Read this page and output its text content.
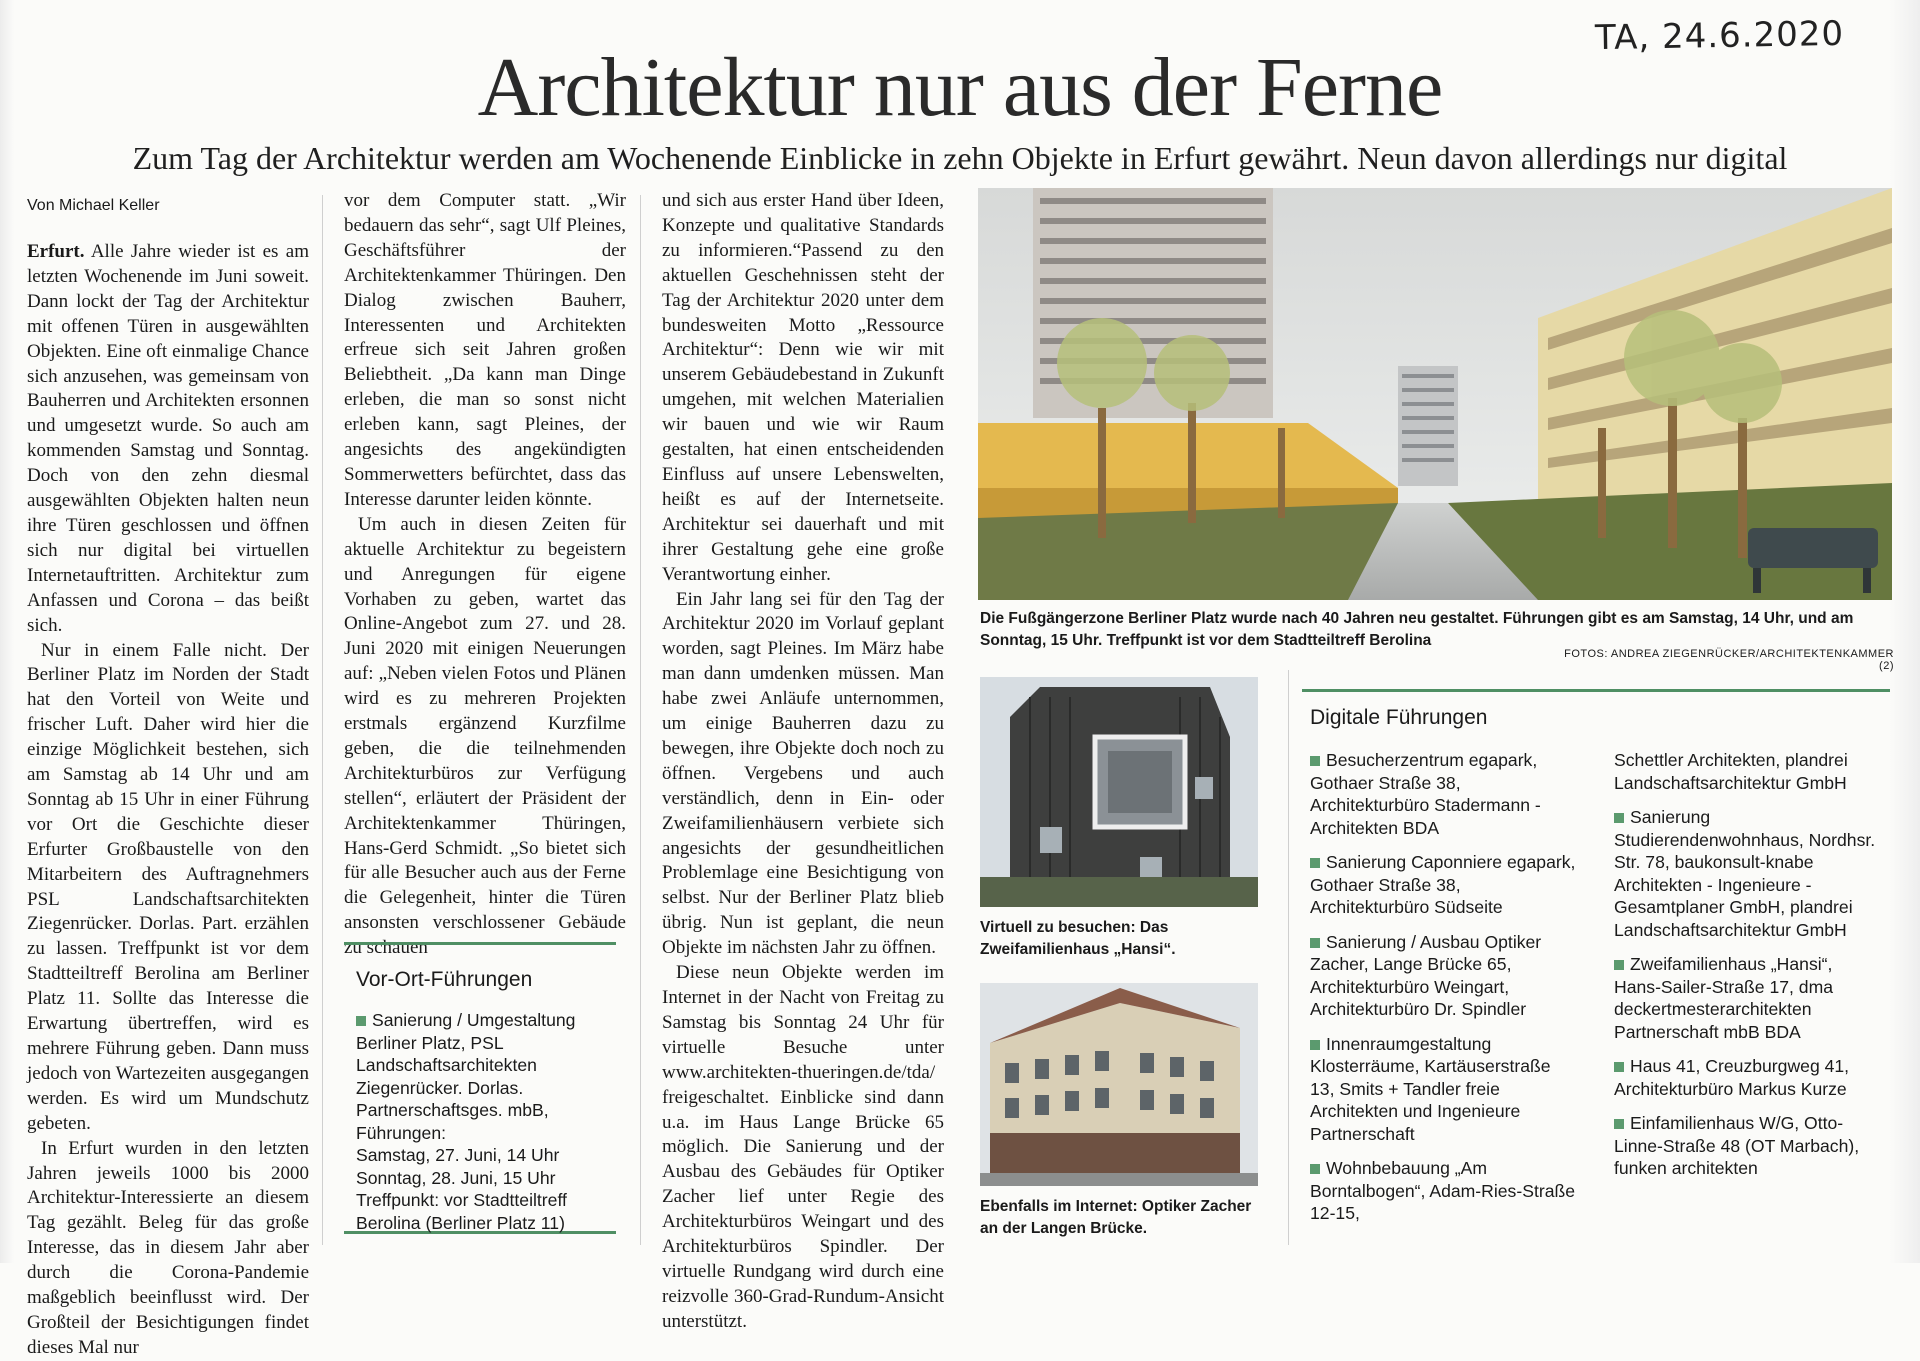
TA, 24.6.2020
Architektur nur aus der Ferne
Zum Tag der Architektur werden am Wochenende Einblicke in zehn Objekte in Erfurt gewährt. Neun davon allerdings nur digital
Von Michael Keller

Erfurt. Alle Jahre wieder ist es am letzten Wochenende im Juni soweit. Dann lockt der Tag der Architektur mit offenen Türen in ausgewählten Objekten. Eine oft einmalige Chance sich anzusehen, was gemeinsam von Bauherren und Architekten ersonnen und umgesetzt wurde. So auch am kommenden Samstag und Sonntag. Doch von den zehn diesmal ausgewählten Objekten halten neun ihre Türen geschlossen und öffnen sich nur digital bei virtuellen Internetauftritten. Architektur zum Anfassen und Corona – das beißt sich.

Nur in einem Falle nicht. Der Berliner Platz im Norden der Stadt hat den Vorteil von Weite und frischer Luft. Daher wird hier die einzige Möglichkeit bestehen, sich am Samstag ab 14 Uhr und am Sonntag ab 15 Uhr in einer Führung vor Ort die Geschichte dieser Erfurter Großbaustelle von den Mitarbeitern des Auftragnehmers PSL Landschaftsarchitekten Ziegenrücker. Dorlas. Part. erzählen zu lassen. Treffpunkt ist vor dem Stadtteiltreff Berolina am Berliner Platz 11. Sollte das Interesse die Erwartung übertreffen, wird es mehrere Führung geben. Dann muss jedoch von Wartezeiten ausgegangen werden. Es wird um Mundschutz gebeten.

In Erfurt wurden in den letzten Jahren jeweils 1000 bis 2000 Architektur-Interessierte an diesem Tag gezählt. Beleg für das große Interesse, das in diesem Jahr aber durch die Corona-Pandemie maßgeblich beeinflusst wird. Der Großteil der Besichtigungen findet dieses Mal nur

vor dem Computer statt. „Wir bedauern das sehr“, sagt Ulf Pleines, Geschäftsführer der Architektenkammer Thüringen. Den Dialog zwischen Bauherr, Interessenten und Architekten erfreue sich seit Jahren großen Beliebtheit. „Da kann man Dinge erleben, die man so sonst nicht erleben kann, sagt Pleines, der angesichts des angekündigten Sommerwetters befürchtet, dass das Interesse darunter leiden könnte.

Um auch in diesen Zeiten für aktuelle Architektur zu begeistern und Anregungen für eigene Vorhaben zu geben, wartet das Online-Angebot zum 27. und 28. Juni 2020 mit einigen Neuerungen auf: „Neben vielen Fotos und Plänen wird es zu mehreren Projekten erstmals ergänzend Kurzfilme geben, die die teilnehmenden Architekturbüros zur Verfügung stellen“, erläutert der Präsident der Architektenkammer Thüringen, Hans-Gerd Schmidt. „So bietet sich für alle Besucher auch aus der Ferne die Gelegenheit, hinter die Türen ansonsten verschlossener Gebäude zu schauen

Vor-Ort-Führungen
Sanierung / Umgestaltung Berliner Platz, PSL Landschaftsarchitekten Ziegenrücker. Dorlas. Partnerschaftsges. mbB, Führungen:
Samstag, 27. Juni, 14 Uhr
Sonntag, 28. Juni, 15 Uhr
Treffpunkt: vor Stadtteiltreff Berolina (Berliner Platz 11)

und sich aus erster Hand über Ideen, Konzepte und qualitative Standards zu informieren.“Passend zu den aktuellen Geschehnissen steht der Tag der Architektur 2020 unter dem bundesweiten Motto „Ressource Architektur“: Denn wie wir mit unserem Gebäudebestand in Zukunft umgehen, mit welchen Materialien wir bauen und wie wir Raum gestalten, hat einen entscheidenden Einfluss auf unsere Lebenswelten, heißt es auf der Internetseite. Architektur sei dauerhaft und mit ihrer Gestaltung gehe eine große Verantwortung einher.

Ein Jahr lang sei für den Tag der Architektur 2020 im Vorlauf geplant worden, sagt Pleines. Im März habe man dann umdenken müssen. Man habe zwei Anläufe unternommen, um einige Bauherren dazu zu bewegen, ihre Objekte doch noch zu öffnen. Vergebens und auch verständlich, denn in Ein- oder Zweifamilienhäusern verbiete sich angesichts der gesundheitlichen Problemlage eine Besichtigung von selbst. Nur der Berliner Platz blieb übrig. Nun ist geplant, die neun Objekte im nächsten Jahr zu öffnen.

Diese neun Objekte werden im Internet in der Nacht von Freitag zu Samstag bis Sonntag 24 Uhr für virtuelle Besuche unter www.architekten-thueringen.de/tda/ freigeschaltet. Einblicke sind dann u.a. im Haus Lange Brücke 65 möglich. Die Sanierung und der Ausbau des Gebäudes für Optiker Zacher lief unter Regie des Architekturbüros Weingart und des Architekturbüros Spindler. Der virtuelle Rundgang wird durch eine reizvolle 360-Grad-Rundum-Ansicht unterstützt.

Die Fußgängerzone Berliner Platz wurde nach 40 Jahren neu gestaltet. Führungen gibt es am Samstag, 14 Uhr, und am Sonntag, 15 Uhr. Treffpunkt ist vor dem Stadtteiltreff Berolina
FOTOS: ANDREA ZIEGENRÜCKER/ARCHITEKTENKAMMER (2)
Virtuell zu besuchen: Das Zweifamilienhaus „Hansi“.
Ebenfalls im Internet: Optiker Zacher an der Langen Brücke.
Digitale Führungen
Besucherzentrum egapark, Gothaer Straße 38, Architekturbüro Stadermann - Architekten BDA
Sanierung Caponniere egapark, Gothaer Straße 38, Architekturbüro Südseite
Sanierung / Ausbau Optiker Zacher, Lange Brücke 65, Architekturbüro Weingart, Architekturbüro Dr. Spindler
Innenraumgestaltung Klosterräume, Kartäuserstraße 13, Smits + Tandler freie Architekten und Ingenieure Partnerschaft
Wohnbebauung „Am Borntalbogen“, Adam-Ries-Straße 12-15,
Schettler Architekten, plandrei Landschaftsarchitektur GmbH
Sanierung Studierendenwohnhaus, Nordhsr. Str. 78, baukonsult-knabe Architekten - Ingenieure - Gesamtplaner GmbH, plandrei Landschaftsarchitektur GmbH
Zweifamilienhaus „Hansi“, Hans-Sailer-Straße 17, dma deckertmesterarchitekten Partnerschaft mbB BDA
Haus 41, Creuzburgweg 41, Architekturbüro Markus Kurze
Einfamilienhaus W/G, Otto-Linne-Straße 48 (OT Marbach), funken architekten
